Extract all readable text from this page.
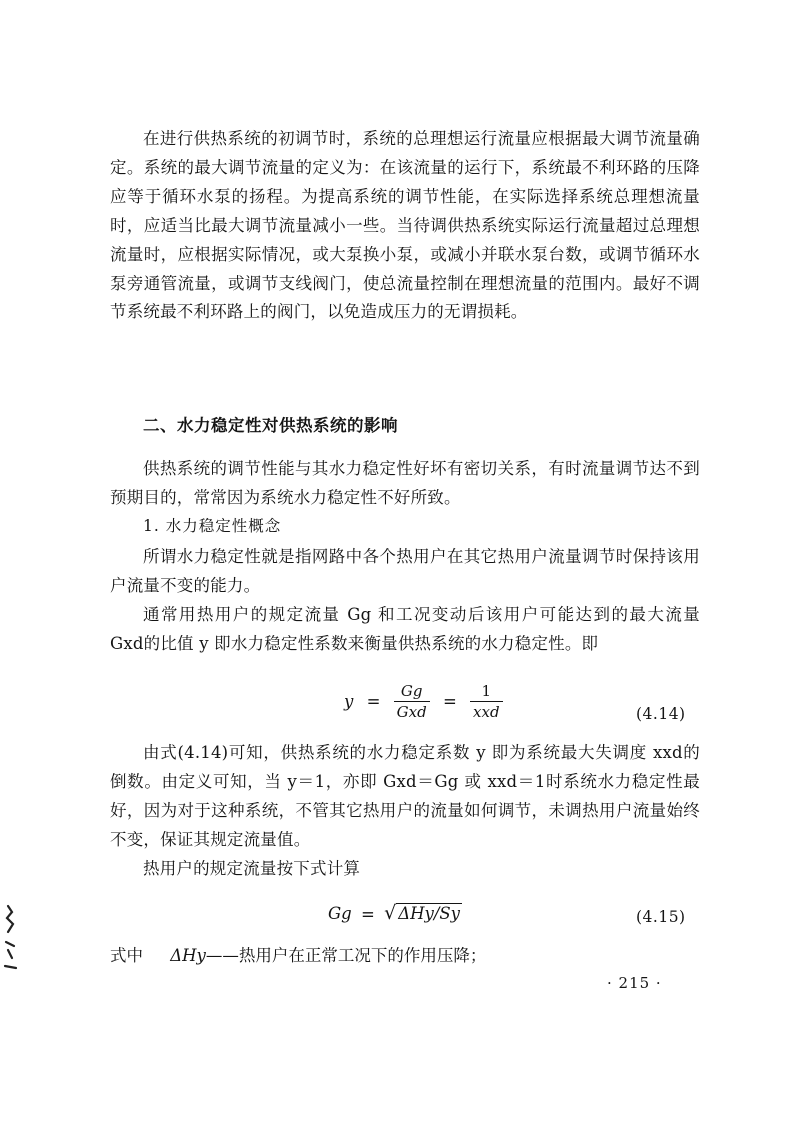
在进行供热系统的初调节时，系统的总理想运行流量应根据最大调节流量确定。系统的最大调节流量的定义为：在该流量的运行下，系统最不利环路的压降应等于循环水泵的扬程。为提高系统的调节性能，在实际选择系统总理想流量时，应适当比最大调节流量减小一些。当待调供热系统实际运行流量超过总理想流量时，应根据实际情况，或大泵换小泵，或减小并联水泵台数，或调节循环水泵旁通管流量，或调节支线阀门，使总流量控制在理想流量的范围内。最好不调节系统最不利环路上的阀门，以免造成压力的无谓损耗。

二、水力稳定性对供热系统的影响

供热系统的调节性能与其水力稳定性好坏有密切关系，有时流量调节达不到预期目的，常常因为系统水力稳定性不好所致。

1. 水力稳定性概念

所谓水力稳定性就是指网路中各个热用户在其它热用户流量调节时保持该用户流量不变的能力。

通常用热用户的规定流量 Gg 和工况变动后该用户可能达到的最大流量 Gxd的比值 y 即水力稳定性系数来衡量供热系统的水力稳定性。即

$y = \frac{Gg}{\text{Gxd}} = \frac{1}{\text{xxd}}$	(4.14)

由式(4.14)可知，供热系统的水力稳定系数 y 即为系统最大失调度 xxd的倒数。由定义可知，当 y＝1，亦即 Gxd＝Gg 或 xxd＝1时系统水力稳定性最好，因为对于这种系统，不管其它热用户的流量如何调节，未调热用户流量始终不变，保证其规定流量值。

热用户的规定流量按下式计算

Gg = √ ΔHy/Sy	(4.15)
式中 ΔHy——热用户在正常工况下的作用压降；
· 215 ·
